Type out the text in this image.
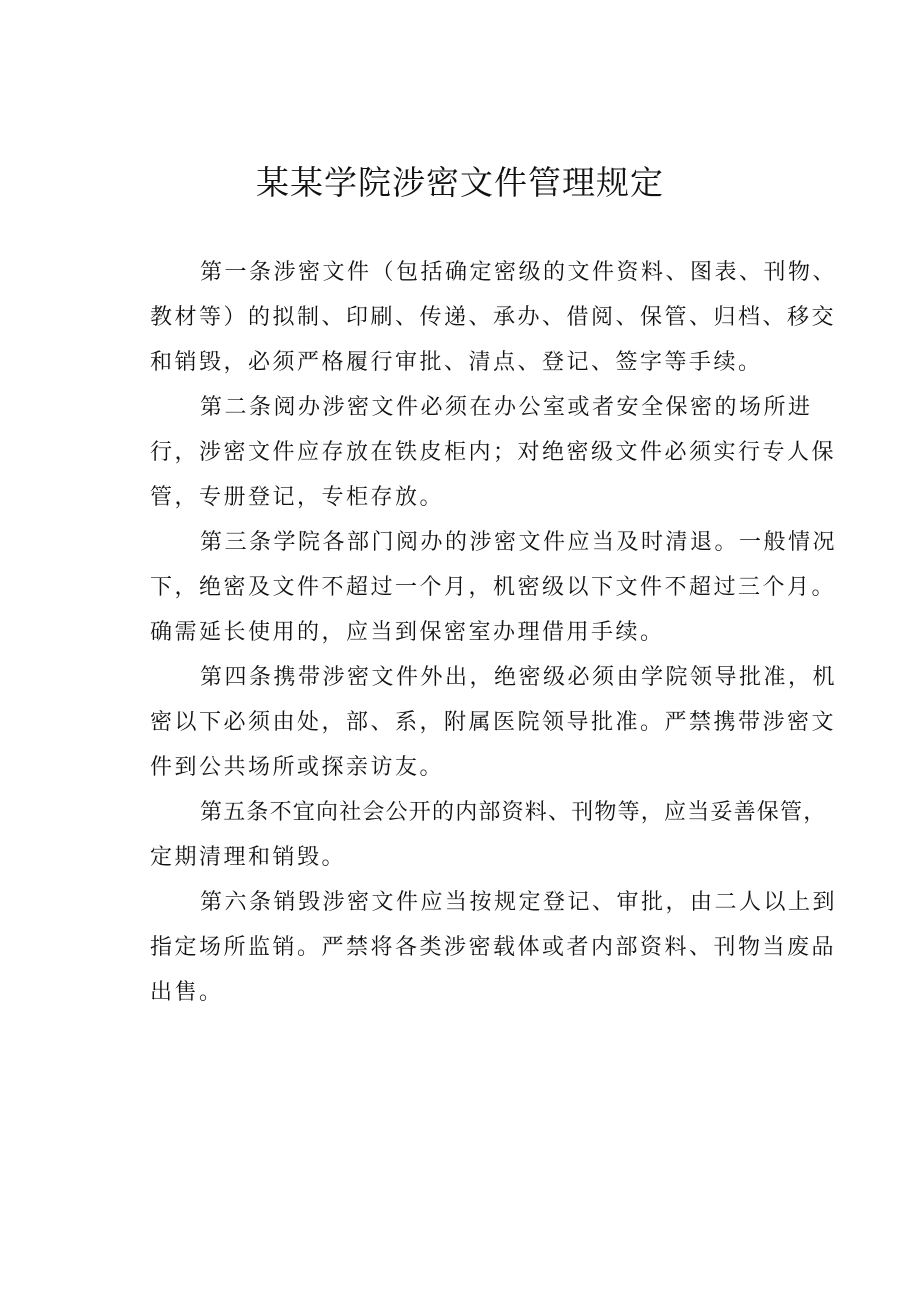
某某学院涉密文件管理规定
第一条涉密文件（包括确定密级的文件资料、图表、刊物、
教材等）的拟制、印刷、传递、承办、借阅、保管、归档、移交
和销毁，必须严格履行审批、清点、登记、签字等手续。
第二条阅办涉密文件必须在办公室或者安全保密的场所进
行，涉密文件应存放在铁皮柜内；对绝密级文件必须实行专人保
管，专册登记，专柜存放。
第三条学院各部门阅办的涉密文件应当及时清退。一般情况
下，绝密及文件不超过一个月，机密级以下文件不超过三个月。
确需延长使用的，应当到保密室办理借用手续。
第四条携带涉密文件外出，绝密级必须由学院领导批准，机
密以下必须由处，部、系，附属医院领导批准。严禁携带涉密文
件到公共场所或探亲访友。
第五条不宜向社会公开的内部资料、刊物等，应当妥善保管，
定期清理和销毁。
第六条销毁涉密文件应当按规定登记、审批，由二人以上到
指定场所监销。严禁将各类涉密载体或者内部资料、刊物当废品
出售。
